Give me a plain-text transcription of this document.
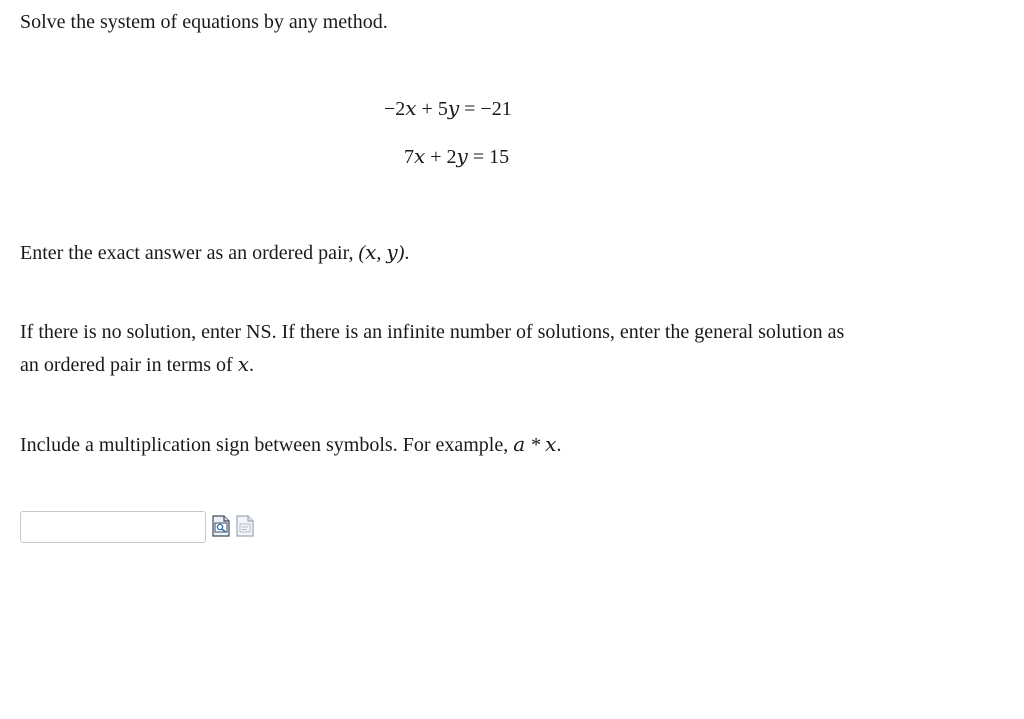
Solve the system of equations by any method.
−2𝑥 + 5𝑦 = −21
7𝑥 + 2𝑦 = 15
Enter the exact answer as an ordered pair, (𝑥, 𝑦).
If there is no solution, enter NS. If there is an infinite number of solutions, enter the general solution as
an ordered pair in terms of 𝑥.
Include a multiplication sign between symbols. For example, 𝑎 * 𝑥.
